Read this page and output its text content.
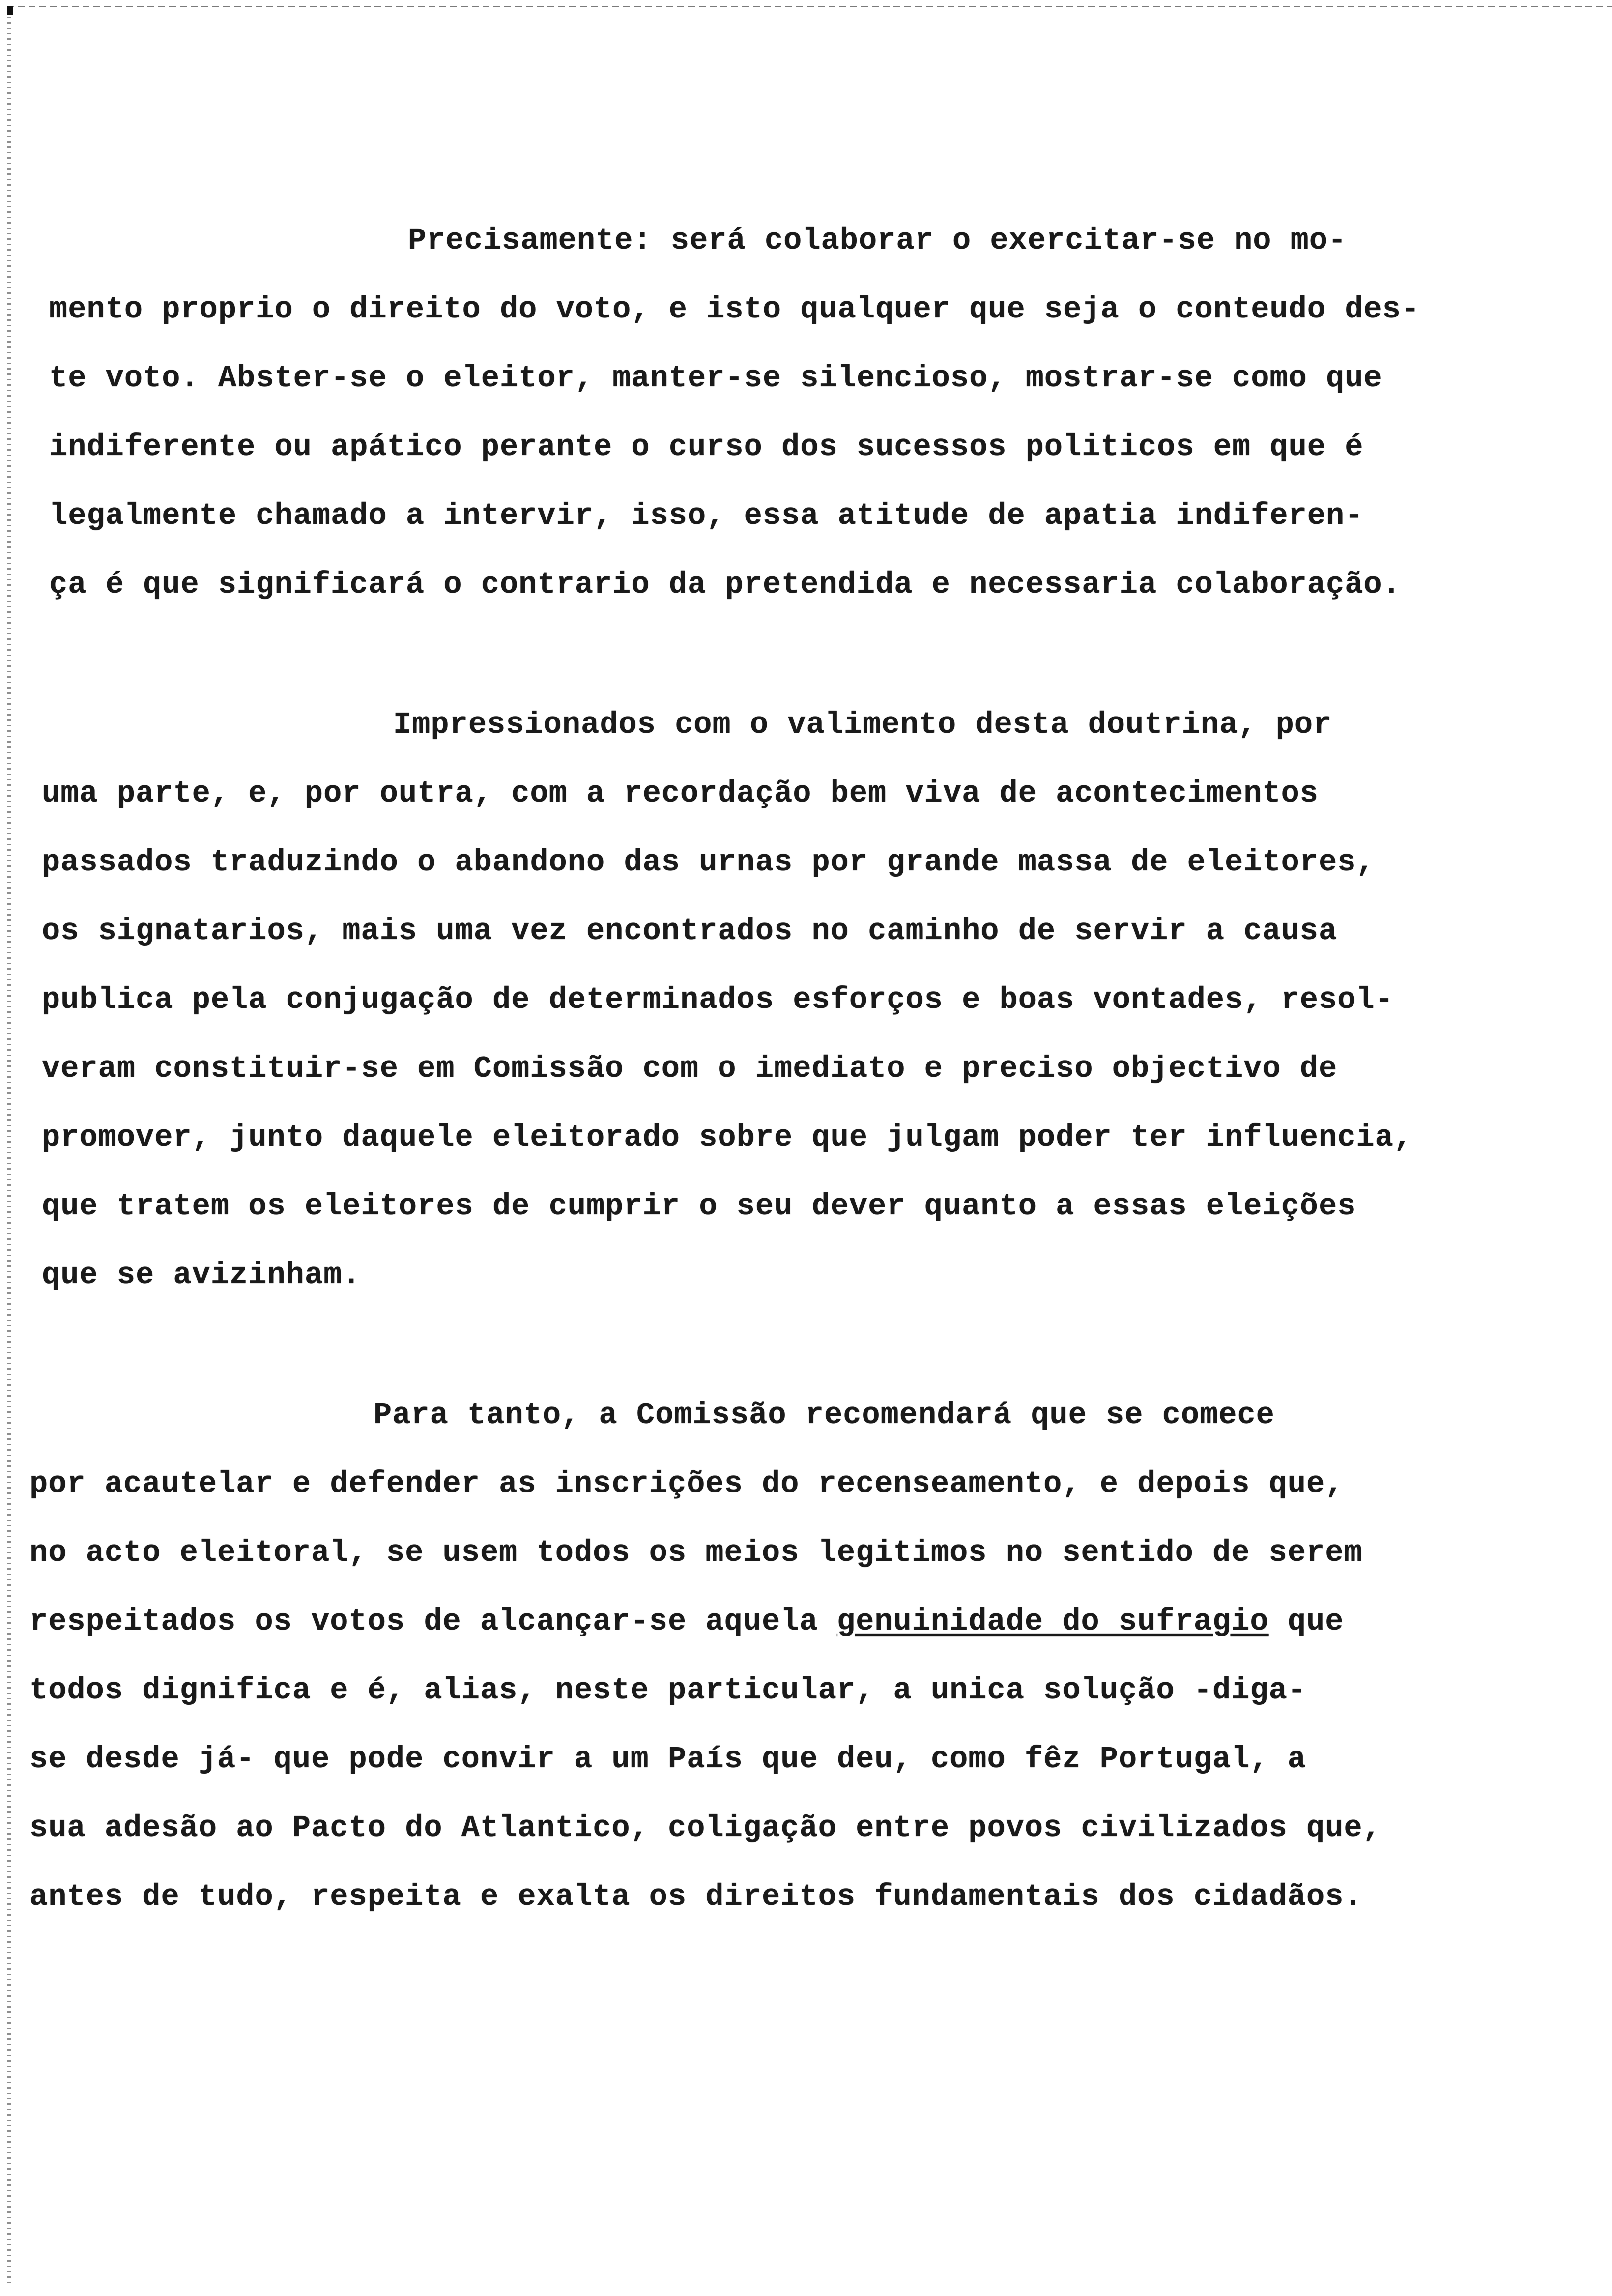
Precisamente: será colaborar o exercitar-se no mo-
mento proprio o direito do voto, e isto qualquer que seja o conteudo des-
te voto. Abster-se o eleitor, manter-se silencioso, mostrar-se como que
indiferente ou apático perante o curso dos sucessos politicos em que é
legalmente chamado a intervir, isso, essa atitude de apatia indiferen-
ça é que significará o contrario da pretendida e necessaria colaboração.
Impressionados com o valimento desta doutrina, por
uma parte, e, por outra, com a recordação bem viva de acontecimentos
passados traduzindo o abandono das urnas por grande massa de eleitores,
os signatarios, mais uma vez encontrados no caminho de servir a causa
publica pela conjugação de determinados esforços e boas vontades, resol-
veram constituir-se em Comissão com o imediato e preciso objectivo de
promover, junto daquele eleitorado sobre que julgam poder ter influencia,
que tratem os eleitores de cumprir o seu dever quanto a essas eleições
que se avizinham.
Para tanto, a Comissão recomendará que se comece
por acautelar e defender as inscrições do recenseamento, e depois que,
no acto eleitoral, se usem todos os meios legitimos no sentido de serem
respeitados os votos de alcançar-se aquela genuinidade do sufragio que
todos dignifica e é, alias, neste particular, a unica solução -diga-
se desde já- que pode convir a um País que deu, como fêz Portugal, a
sua adesão ao Pacto do Atlantico, coligação entre povos civilizados que,
antes de tudo, respeita e exalta os direitos fundamentais dos cidadãos.
